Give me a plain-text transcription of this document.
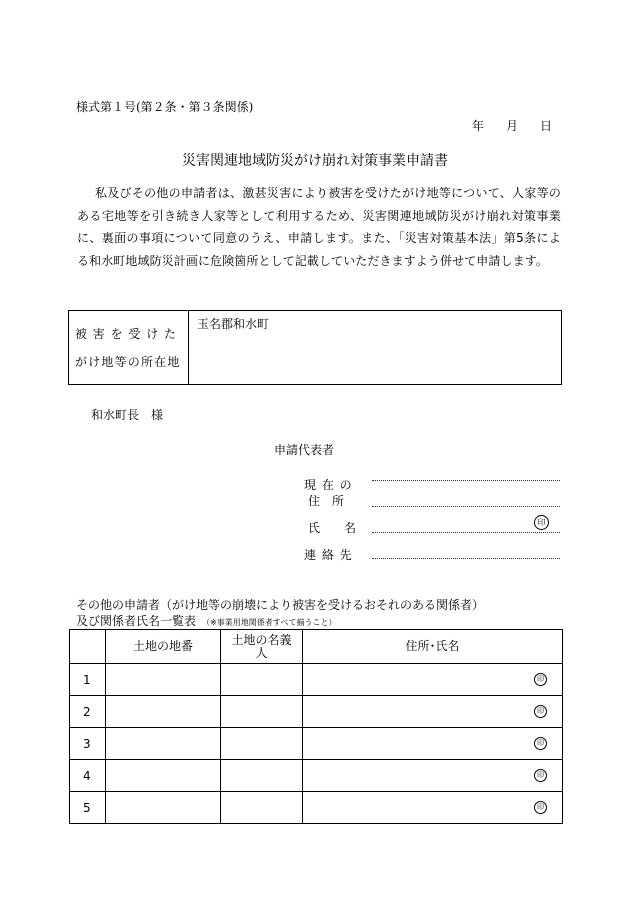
様式第１号(第２条・第３条関係)
年 月 日
災害関連地域防災がけ崩れ対策事業申請書
私及びその他の申請者は、激甚災害により被害を受けたがけ地等について、人家等のある宅地等を引き続き人家等として利用するため、災害関連地域防災がけ崩れ対策事業に、裏面の事項について同意のうえ、申請します。また、「災害対策基本法」第5条による和水町地域防災計画に危険箇所として記載していただきますよう併せて申請します。
被害を受けた
がけ地等の所在地
玉名郡和水町
和水町長　様
申請代表者
現 在 の
住　所
氏　　名	印
連 絡 先
その他の申請者（がけ地等の崩壊により被害を受けるおそれのある関係者）
及び関係者氏名一覧表 （※事業用地関係者すべて揃うこと）
	土地の地番	土地の名義人	住所･氏名
1			印

2			印

3			印

4			印

5			印
